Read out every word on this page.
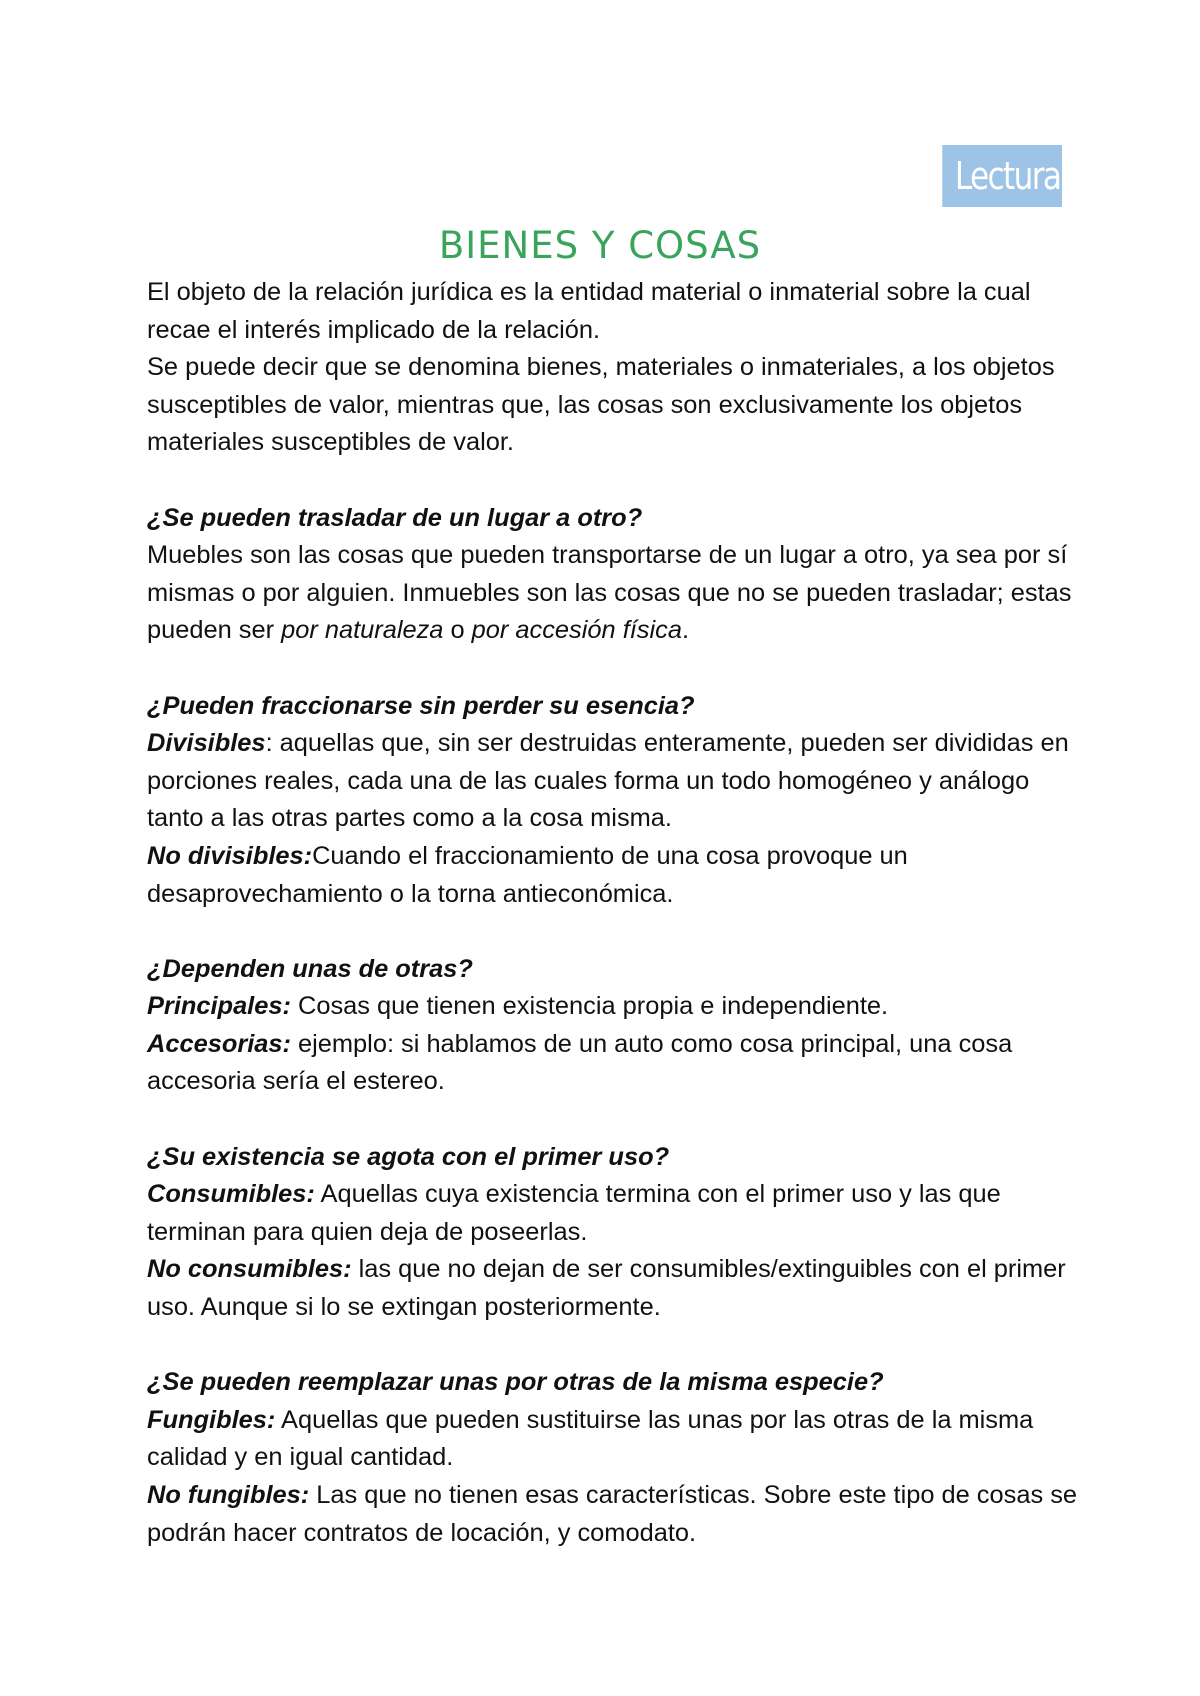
Lectura 3
BIENES Y COSAS

El objeto de la relación jurídica es la entidad material o inmaterial sobre la cual recae el interés implicado de la relación.

Se puede decir que se denomina bienes, materiales o inmateriales, a los objetos susceptibles de valor, mientras que, las cosas son exclusivamente los objetos materiales susceptibles de valor.

¿Se pueden trasladar de un lugar a otro?

Muebles son las cosas que pueden transportarse de un lugar a otro, ya sea por sí mismas o por alguien. Inmuebles son las cosas que no se pueden trasladar; estas pueden ser por naturaleza o por accesión física.

¿Pueden fraccionarse sin perder su esencia?

Divisibles: aquellas que, sin ser destruidas enteramente, pueden ser divididas en porciones reales, cada una de las cuales forma un todo homogéneo y análogo tanto a las otras partes como a la cosa misma.

No divisibles:Cuando el fraccionamiento de una cosa provoque un desaprovechamiento o la torna antieconómica.

¿Dependen unas de otras?

Principales: Cosas que tienen existencia propia e independiente.

Accesorias: ejemplo: si hablamos de un auto como cosa principal, una cosa accesoria sería el estereo.

¿Su existencia se agota con el primer uso?

Consumibles: Aquellas cuya existencia termina con el primer uso y las que terminan para quien deja de poseerlas.

No consumibles: las que no dejan de ser consumibles/extinguibles con el primer uso. Aunque si lo se extingan posteriormente.

¿Se pueden reemplazar unas por otras de la misma especie?

Fungibles: Aquellas que pueden sustituirse las unas por las otras de la misma calidad y en igual cantidad.

No fungibles: Las que no tienen esas características. Sobre este tipo de cosas se podrán hacer contratos de locación, y comodato.
